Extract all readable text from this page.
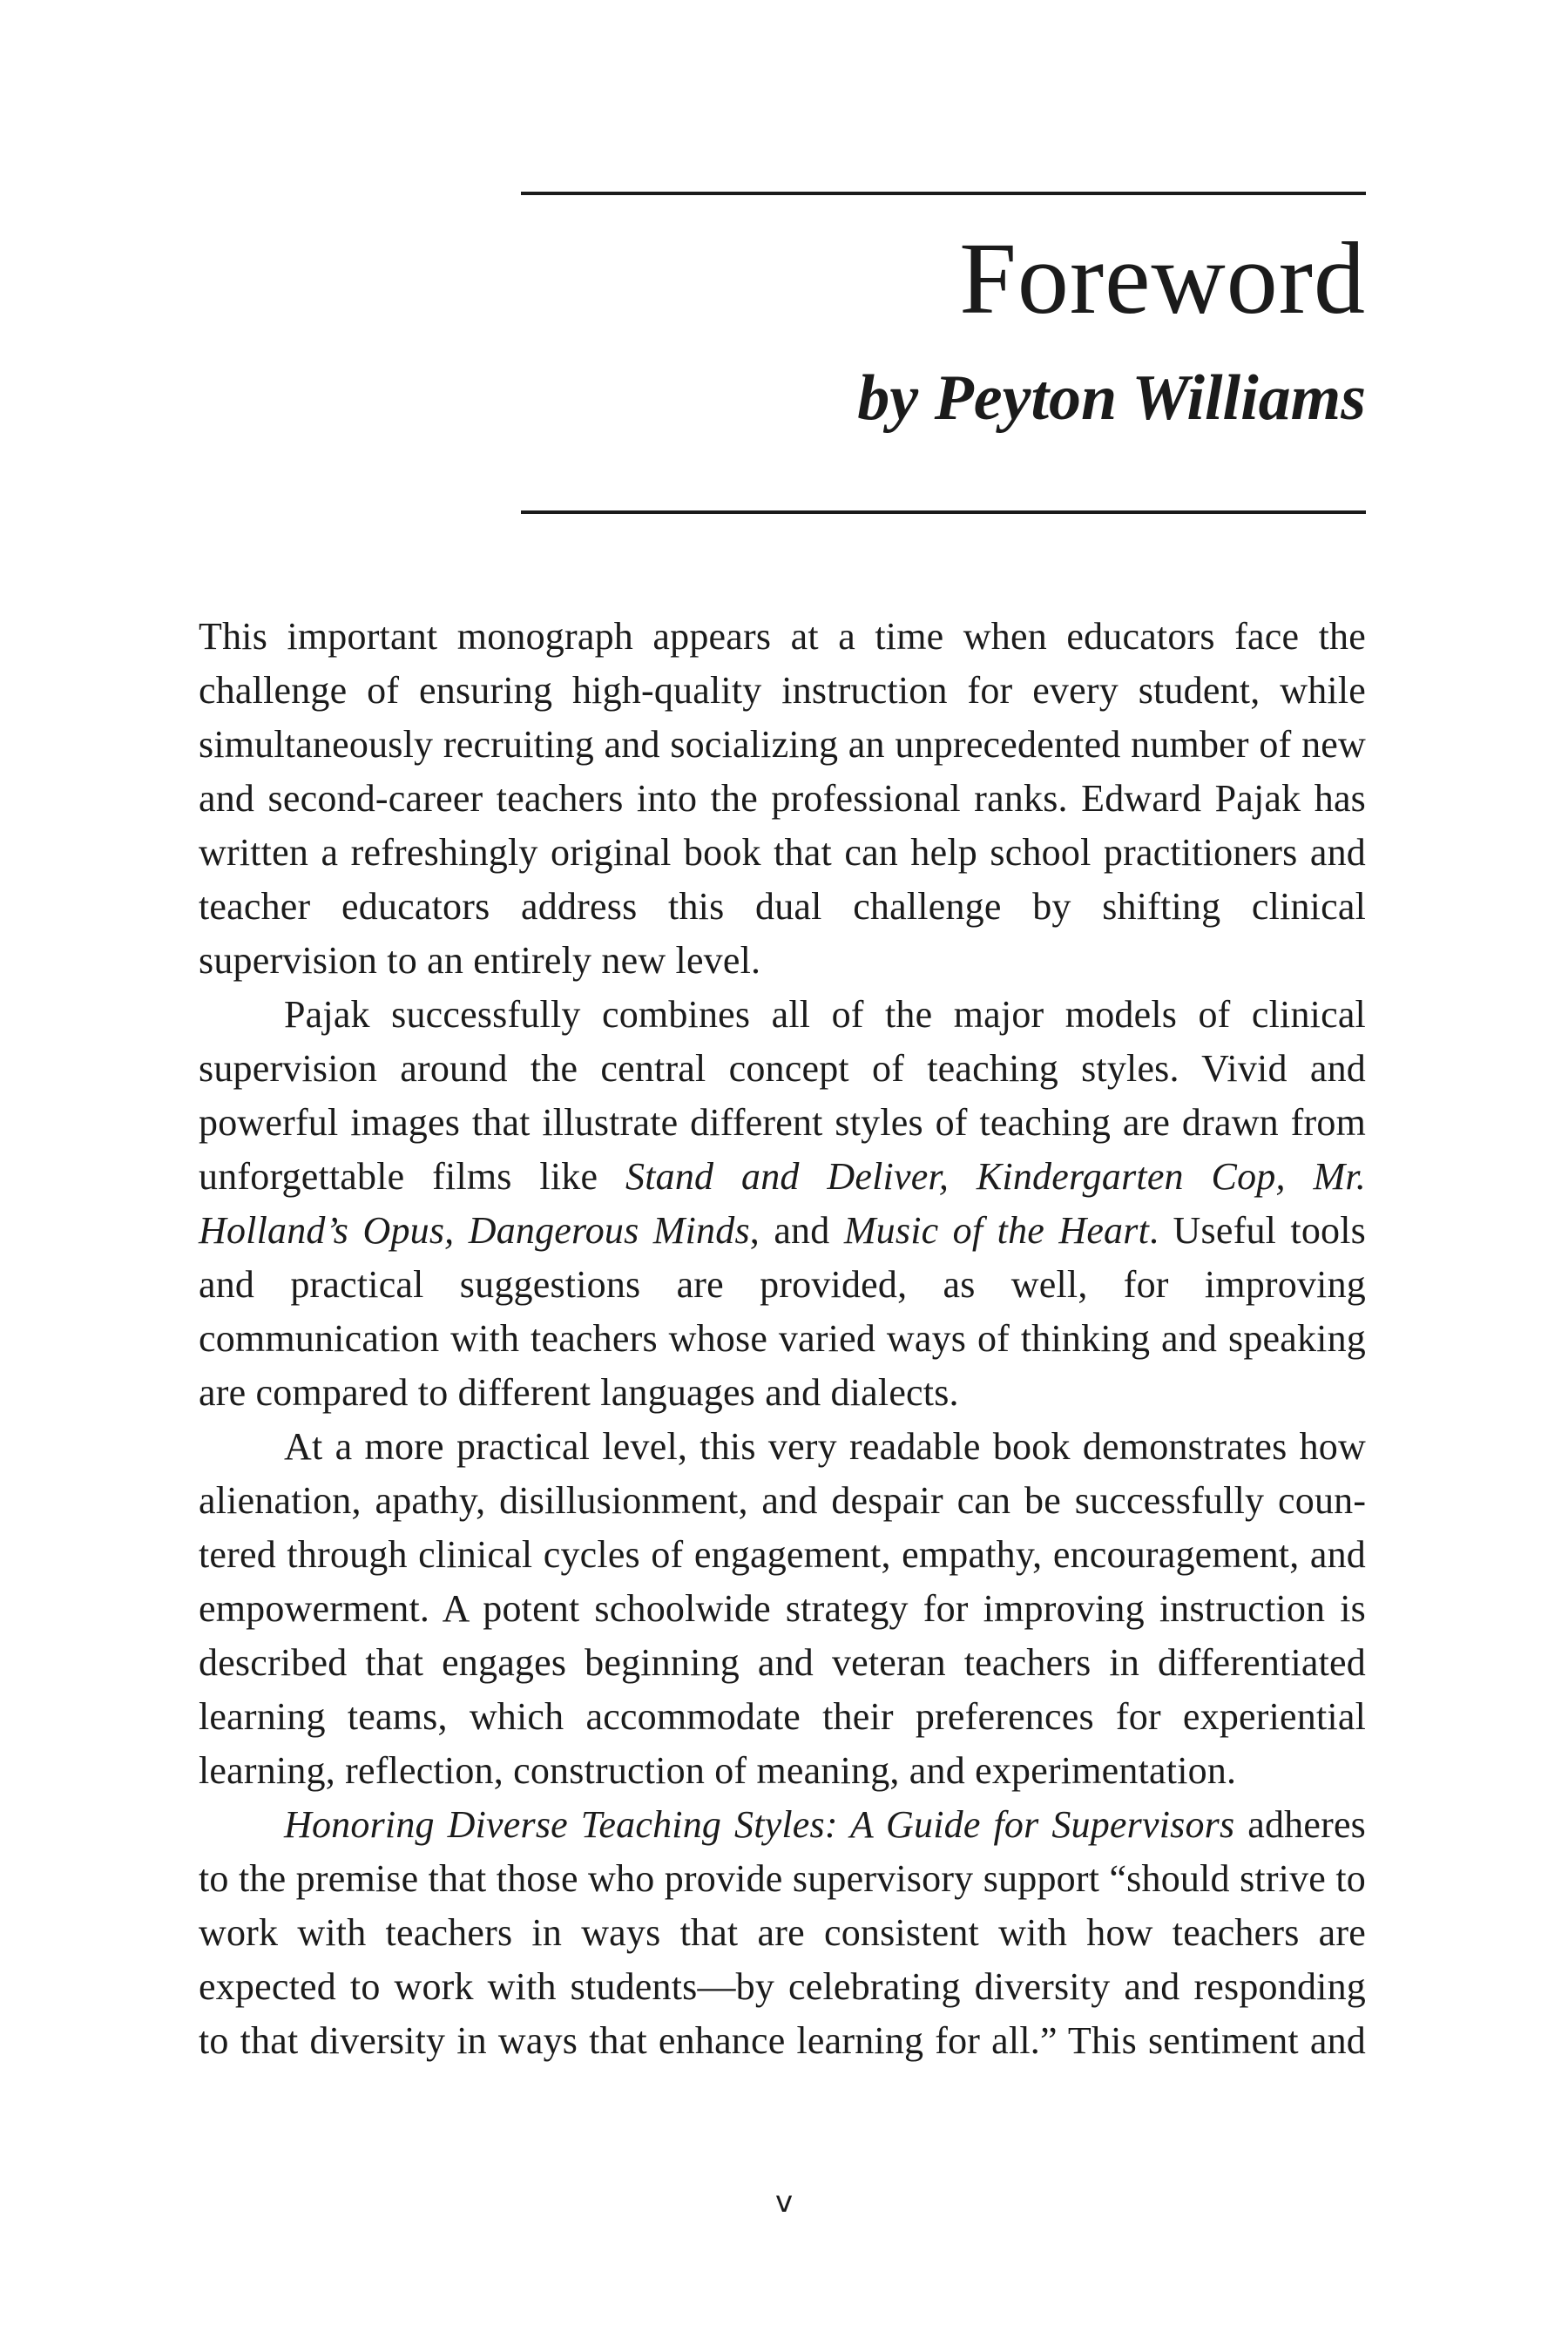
Foreword
by Peyton Williams

This important monograph appears at a time when educators face the challenge of ensuring high-quality instruction for every student, while simultaneously recruiting and socializing an unprecedented number of new and second-career teachers into the professional ranks. Edward Pajak has written a refreshingly original book that can help school practitioners and teacher educators address this dual challenge by shifting clinical supervision to an entirely new level.

Pajak successfully combines all of the major models of clinical supervision around the central concept of teaching styles. Vivid and powerful images that illustrate different styles of teaching are drawn from unforgettable films like Stand and Deliver, Kindergarten Cop, Mr. Holland’s Opus, Dangerous Minds, and Music of the Heart. Useful tools and practical suggestions are provided, as well, for improving communication with teachers whose varied ways of thinking and speaking are compared to different languages and dialects.

At a more practical level, this very readable book demonstrates how alienation, apathy, disillusionment, and despair can be successfully countered through clinical cycles of engagement, empathy, encouragement, and empowerment. A potent schoolwide strategy for improving instruction is described that engages beginning and veteran teachers in differentiated learning teams, which accommodate their preferences for experiential learning, reflection, construction of meaning, and experimentation.

Honoring Diverse Teaching Styles: A Guide for Supervisors adheres to the premise that those who provide supervisory support “should strive to work with teachers in ways that are consistent with how teachers are expected to work with students—by celebrating diversity and responding to that diversity in ways that enhance learning for all.” This sentiment and

v
